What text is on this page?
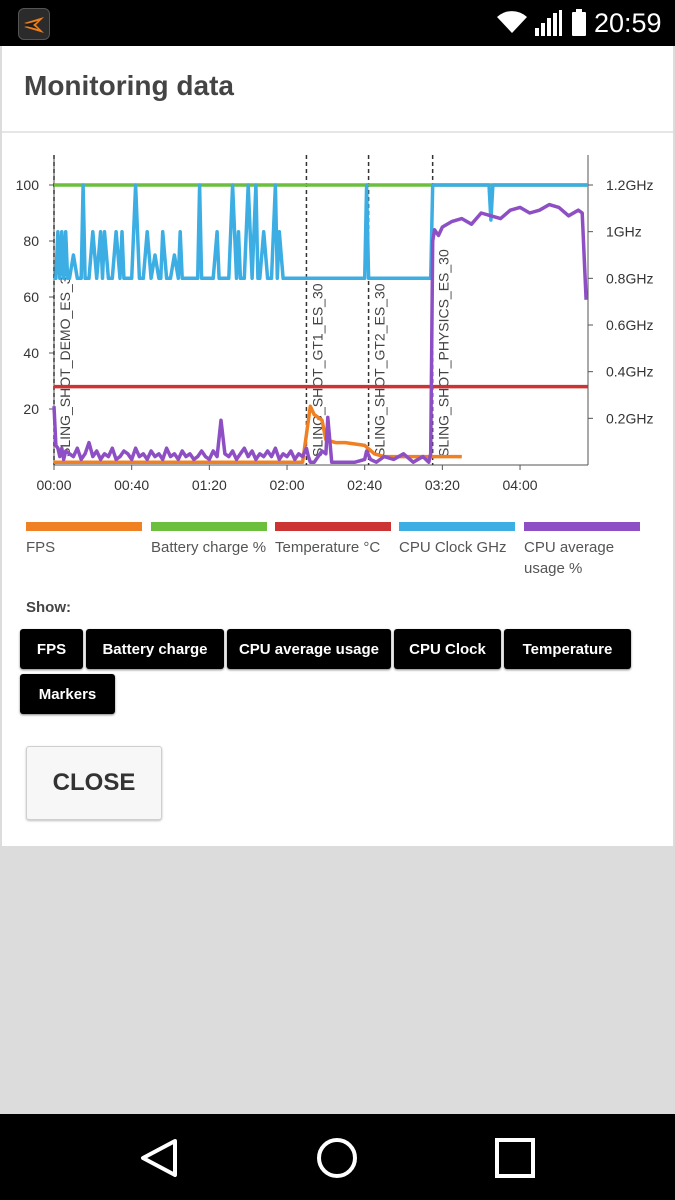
20:59
Monitoring data
100
80
60
40
20
1.2GHz
1GHz
0.8GHz
0.6GHz
0.4GHz
0.2GHz
00:00	00:40	01:20	02:00	02:40	03:20	04:00
SLING_SHOT_DEMO_ES_30	SLING_SHOT_GT1_ES_30	SLING_SHOT_GT2_ES_30	SLING_SHOT_PHYSICS_ES_30
FPS	Battery charge % Temperature °C	CPU Clock GHz	CPU average usage %
Show:
FPS	Battery charge	CPU average usage	CPU Clock	Temperature
Markers
CLOSE
